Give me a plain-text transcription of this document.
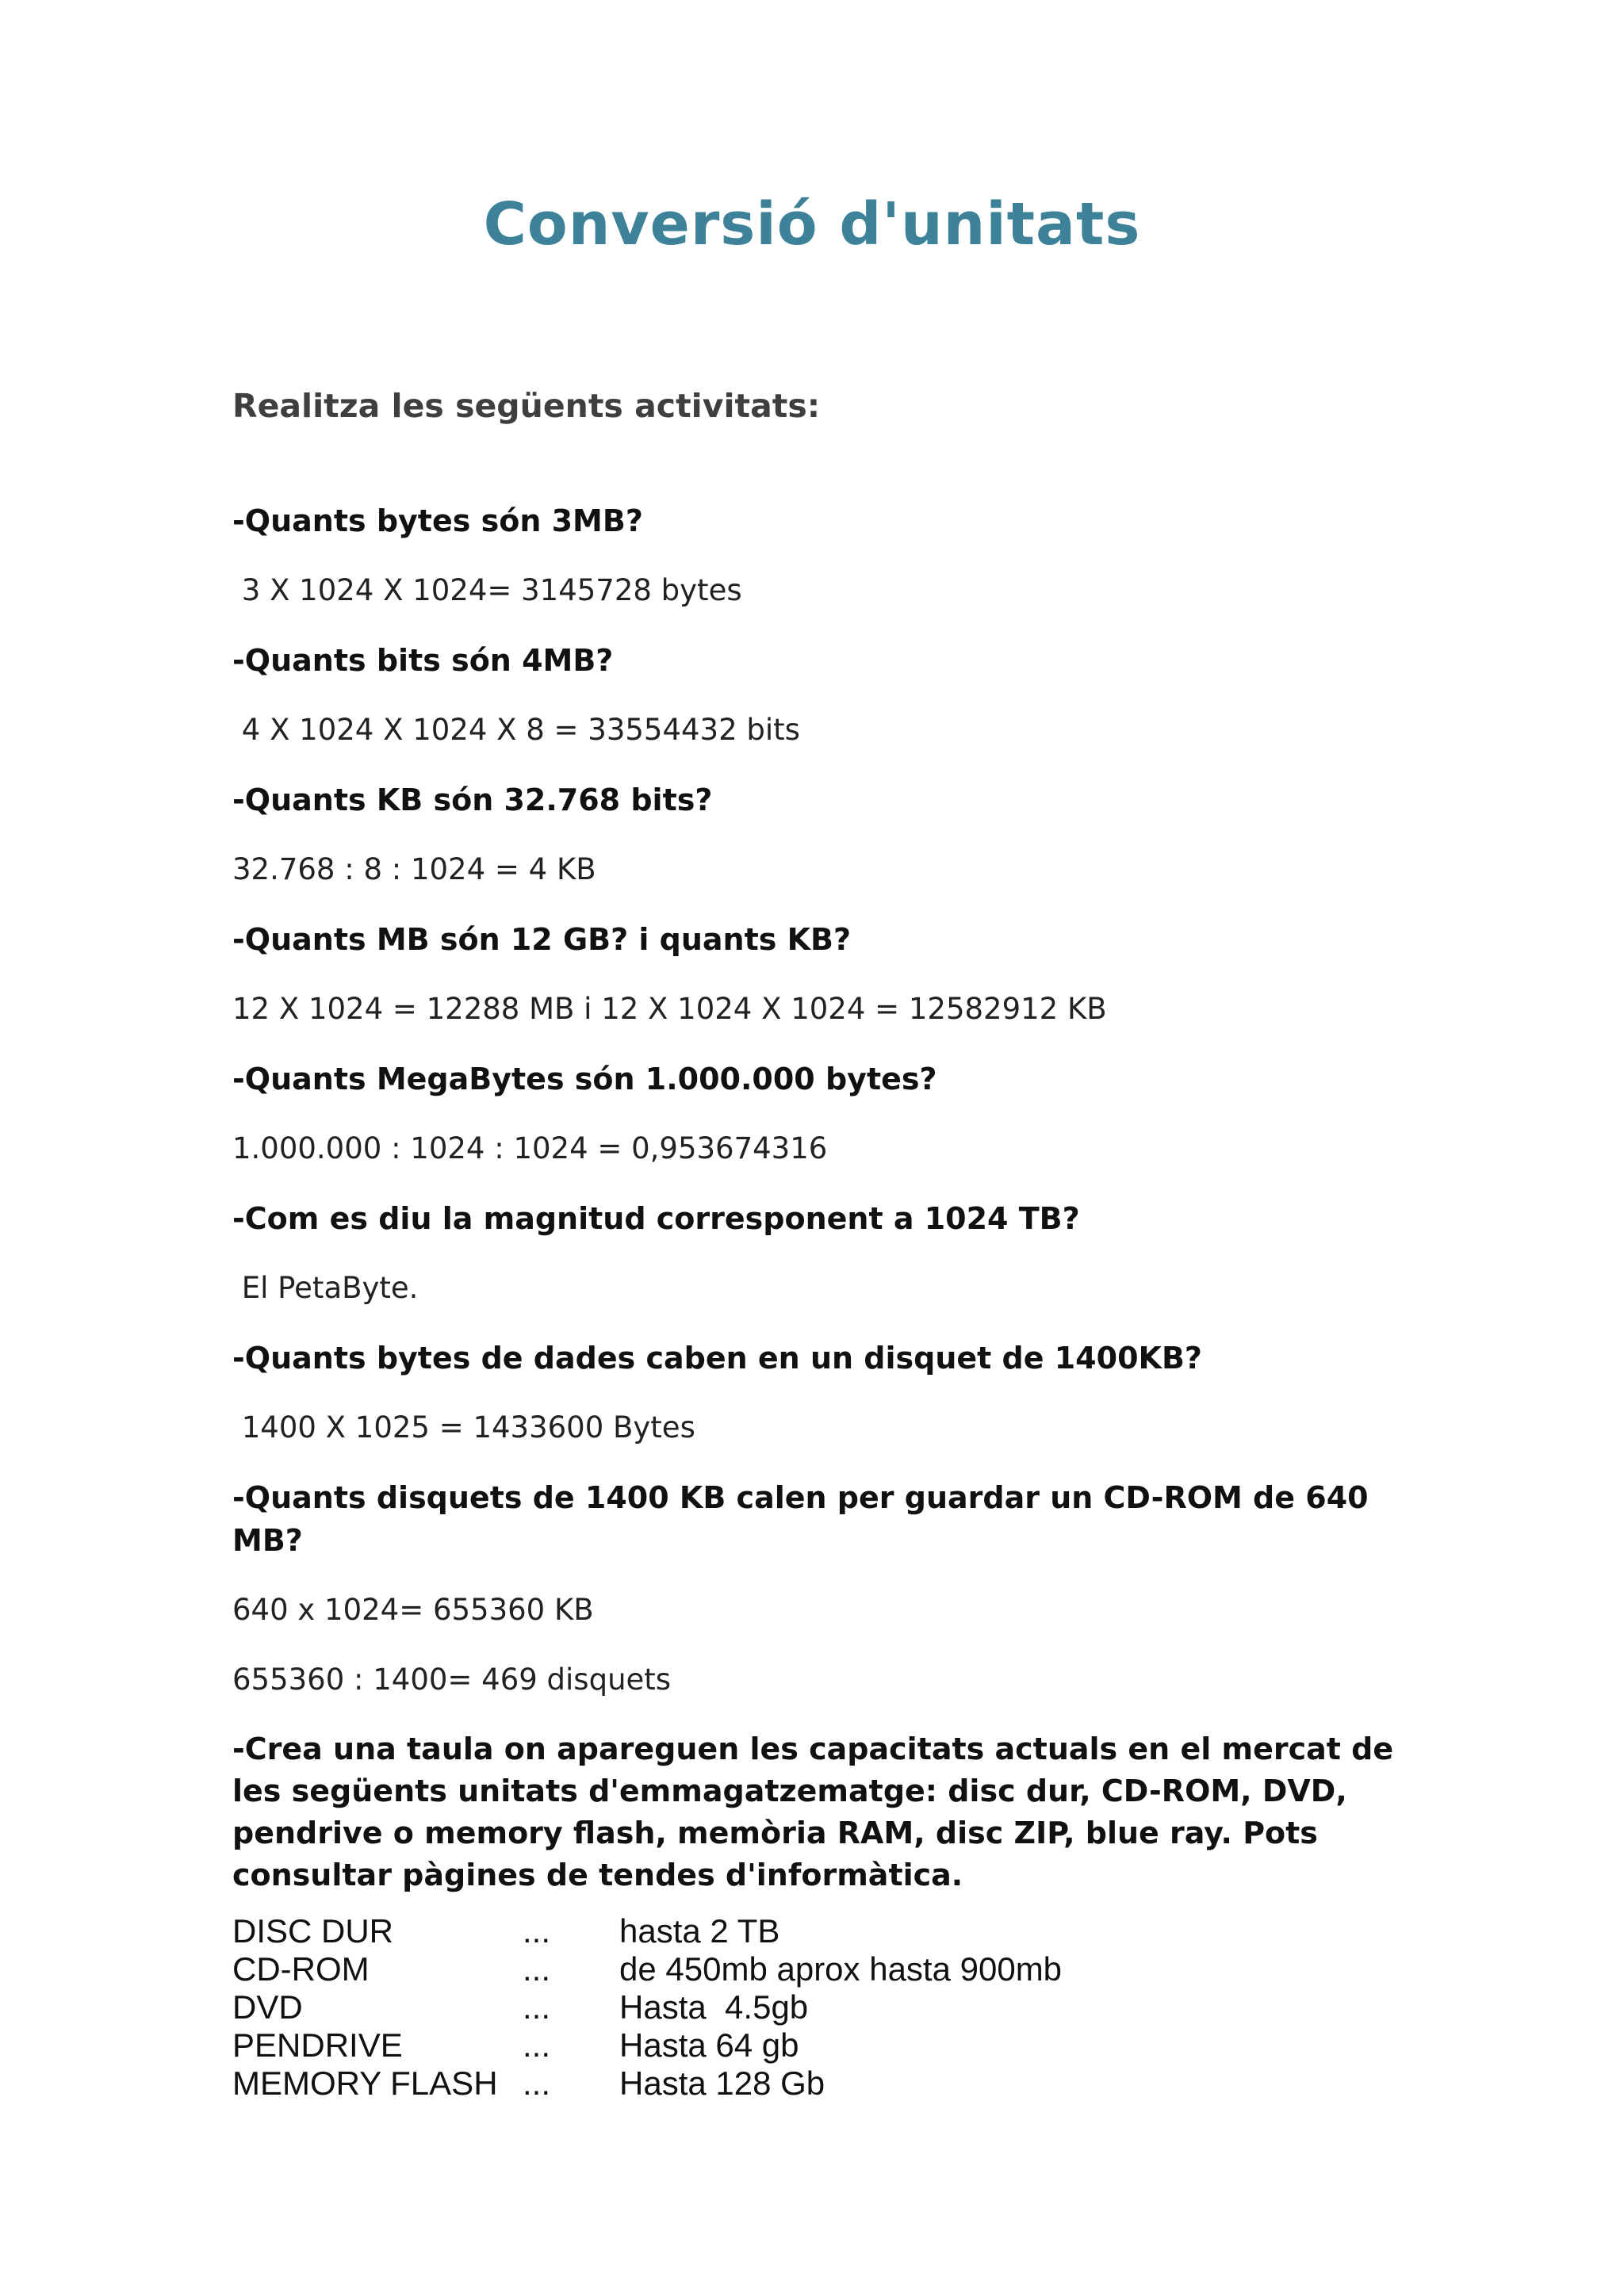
Conversió d'unitats
Realitza les següents activitats:
-Quants bytes són 3MB?
3 X 1024 X 1024= 3145728 bytes
-Quants bits són 4MB?
4 X 1024 X 1024 X 8 = 33554432 bits
-Quants KB són 32.768 bits?
32.768 : 8 : 1024 = 4 KB
-Quants MB són 12 GB? i quants KB?
12 X 1024 = 12288 MB i 12 X 1024 X 1024 = 12582912 KB
-Quants MegaBytes són 1.000.000 bytes?
1.000.000 : 1024 : 1024 = 0,953674316
-Com es diu la magnitud corresponent a 1024 TB?
El PetaByte.
-Quants bytes de dades caben en un disquet de 1400KB?
1400 X 1025 = 1433600 Bytes
-Quants disquets de 1400 KB calen per guardar un CD-ROM de 640 MB?
640 x 1024= 655360 KB
655360 : 1400= 469 disquets
-Crea una taula on apareguen les capacitats actuals en el mercat de les següents unitats d'emmagatzematge: disc dur, CD-ROM, DVD, pendrive o memory flash, memòria RAM, disc ZIP, blue ray. Pots consultar pàgines de tendes d'informàtica.
DISC DUR	...	hasta 2 TB
CD-ROM	...	de 450mb aprox hasta 900mb
DVD	...	Hasta  4.5gb
PENDRIVE	...	Hasta 64 gb
MEMORY FLASH	...	Hasta 128 Gb
